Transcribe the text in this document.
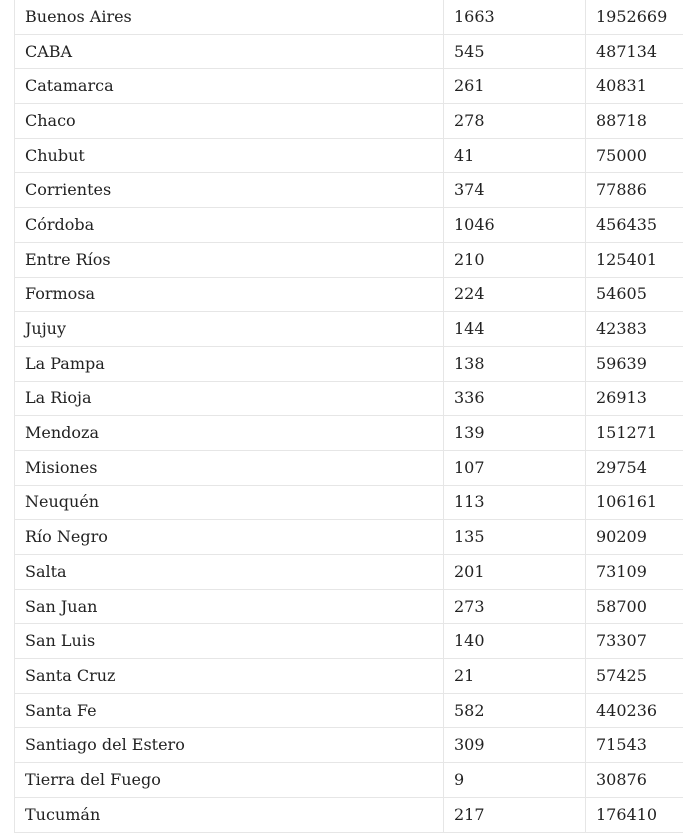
Buenos Aires	1663	1952669
CABA	545	487134
Catamarca	261	40831
Chaco	278	88718
Chubut	41	75000
Corrientes	374	77886
Córdoba	1046	456435
Entre Ríos	210	125401
Formosa	224	54605
Jujuy	144	42383
La Pampa	138	59639
La Rioja	336	26913
Mendoza	139	151271
Misiones	107	29754
Neuquén	113	106161
Río Negro	135	90209
Salta	201	73109
San Juan	273	58700
San Luis	140	73307
Santa Cruz	21	57425
Santa Fe	582	440236
Santiago del Estero	309	71543
Tierra del Fuego	9	30876
Tucumán	217	176410
